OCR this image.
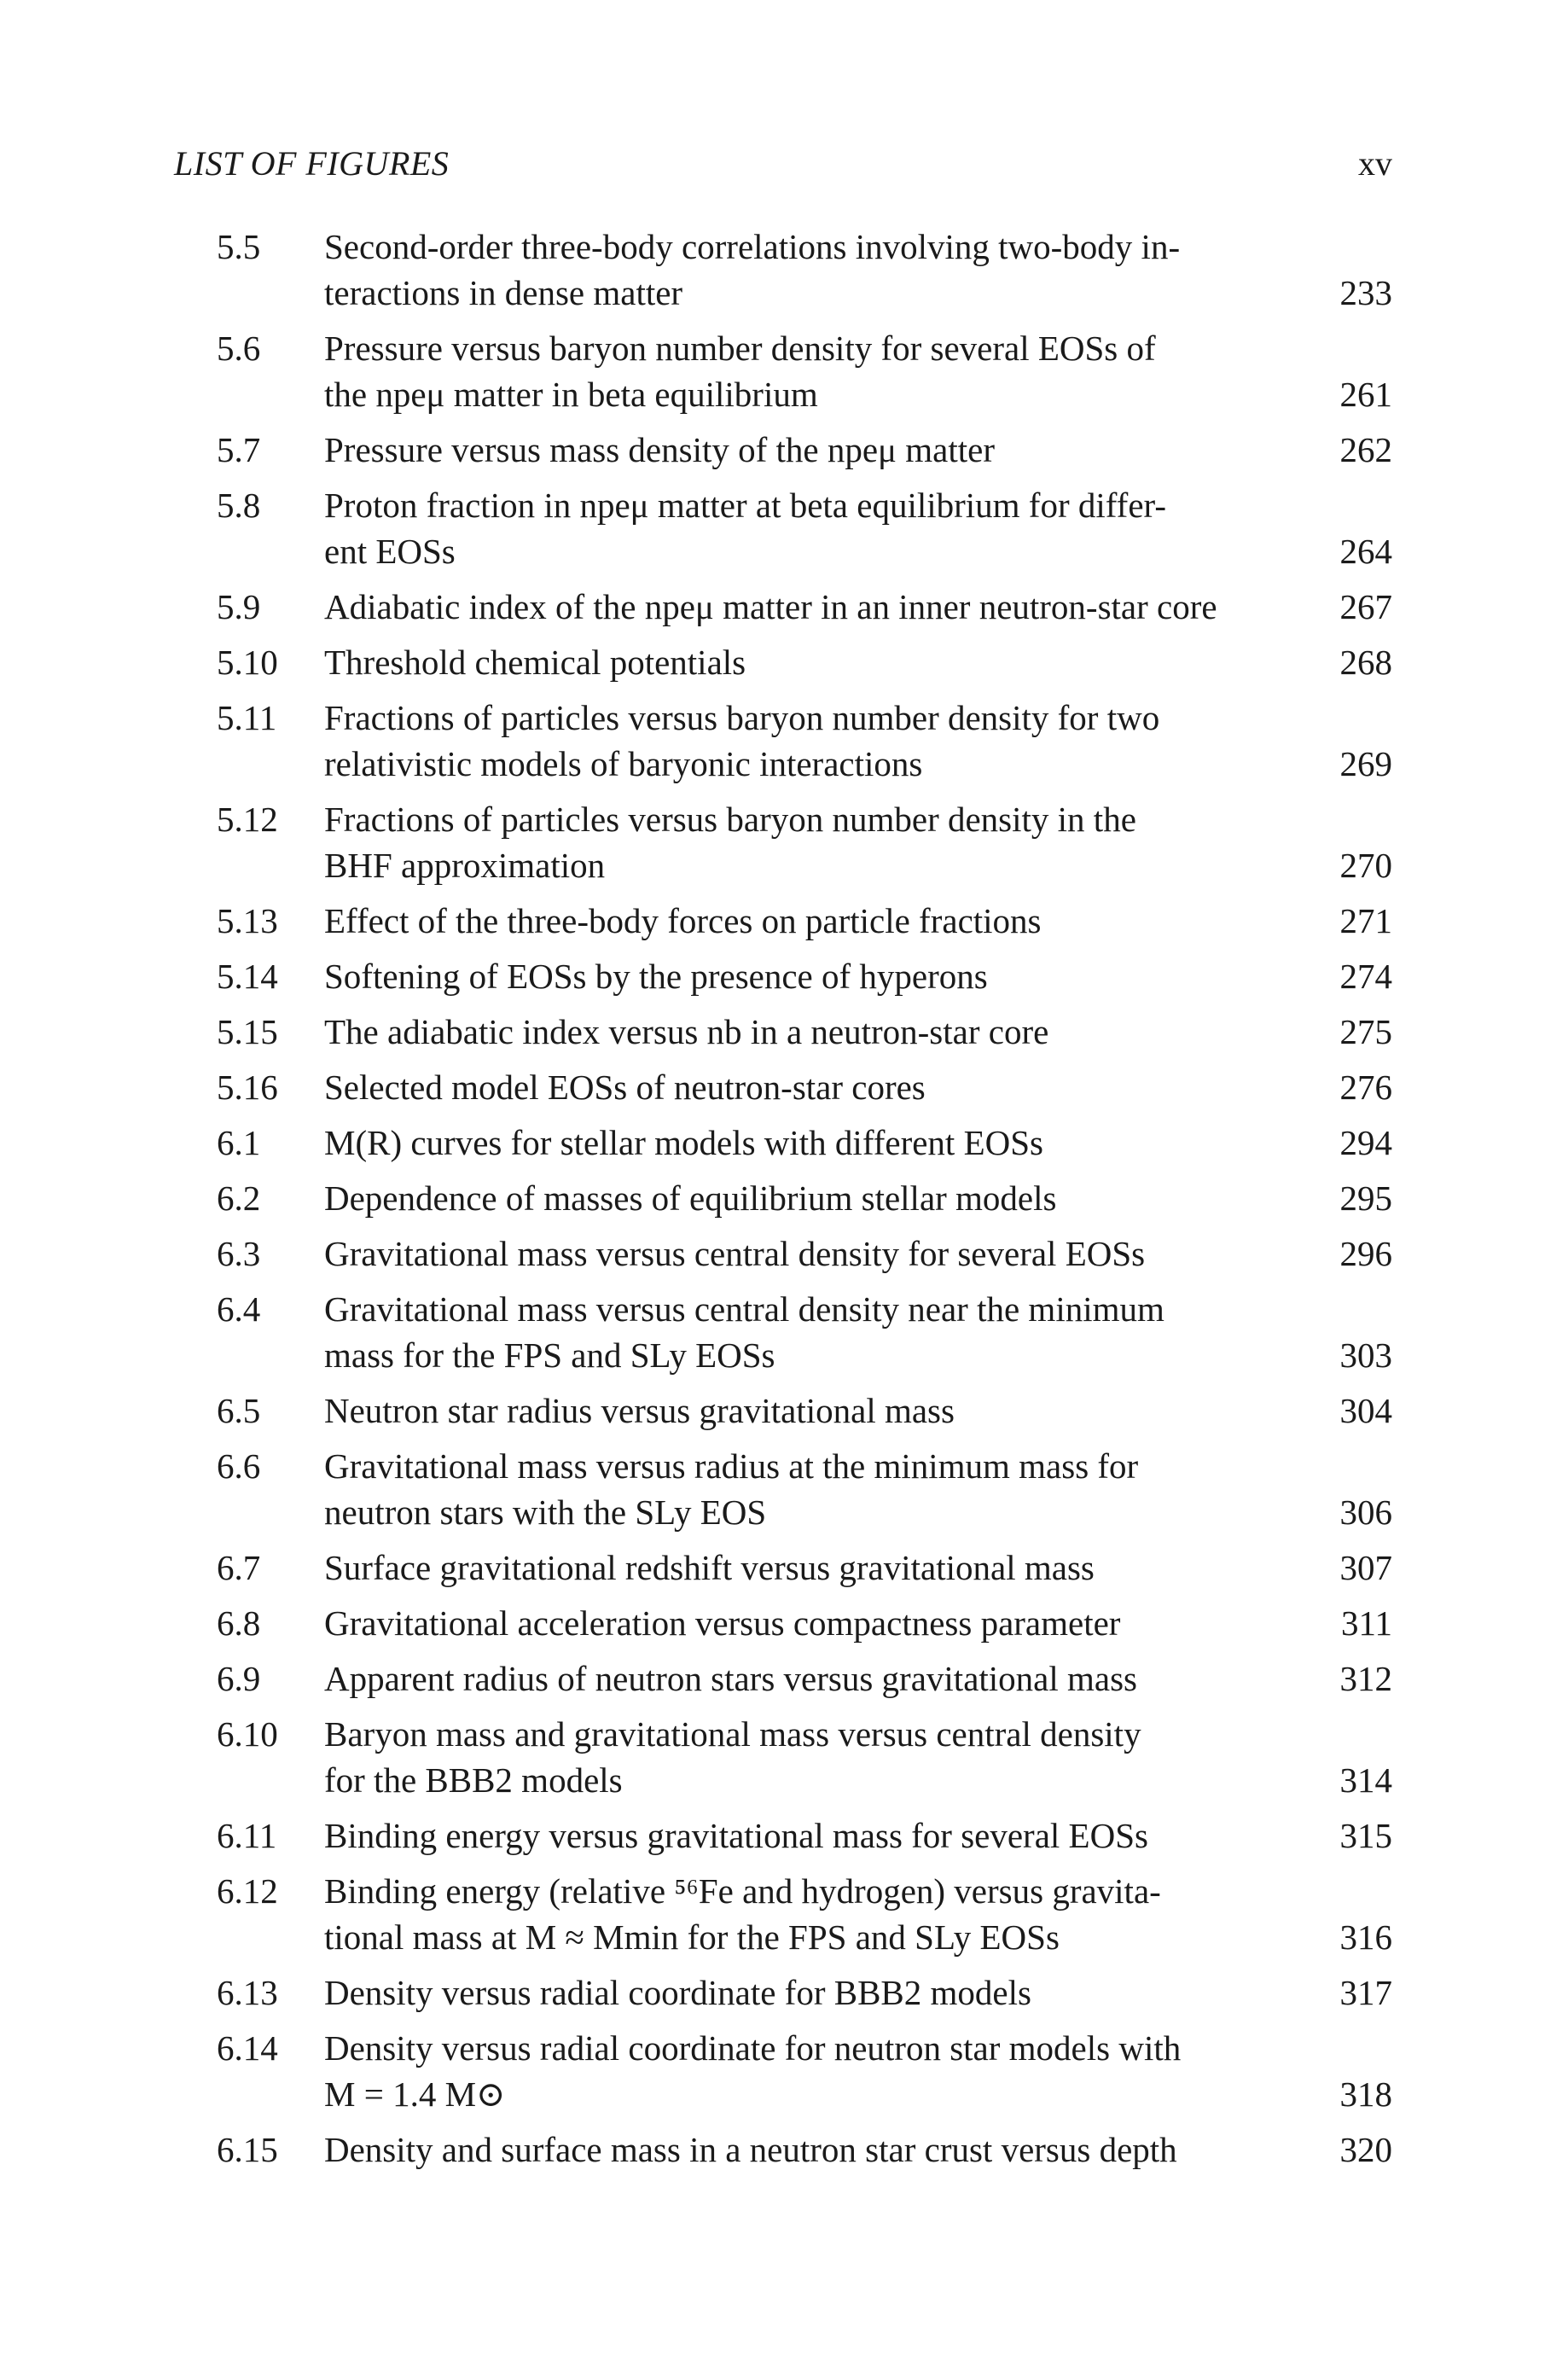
LIST OF FIGURES	xv
5.5	Second-order three-body correlations involving two-body in-
teractions in dense matter	233
5.6	Pressure versus baryon number density for several EOSs of
the npeμ matter in beta equilibrium	261
5.7	Pressure versus mass density of the npeμ matter	262
5.8	Proton fraction in npeμ matter at beta equilibrium for differ-
ent EOSs	264
5.9	Adiabatic index of the npeμ matter in an inner neutron-star core	267
5.10	Threshold chemical potentials	268
5.11	Fractions of particles versus baryon number density for two
relativistic models of baryonic interactions	269
5.12	Fractions of particles versus baryon number density in the
BHF approximation	270
5.13	Effect of the three-body forces on particle fractions	271
5.14	Softening of EOSs by the presence of hyperons	274
5.15	The adiabatic index versus nb in a neutron-star core	275
5.16	Selected model EOSs of neutron-star cores	276
6.1	M(R) curves for stellar models with different EOSs	294
6.2	Dependence of masses of equilibrium stellar models	295
6.3	Gravitational mass versus central density for several EOSs	296
6.4	Gravitational mass versus central density near the minimum
mass for the FPS and SLy EOSs	303
6.5	Neutron star radius versus gravitational mass	304
6.6	Gravitational mass versus radius at the minimum mass for
neutron stars with the SLy EOS	306
6.7	Surface gravitational redshift versus gravitational mass	307
6.8	Gravitational acceleration versus compactness parameter	311
6.9	Apparent radius of neutron stars versus gravitational mass	312
6.10	Baryon mass and gravitational mass versus central density
for the BBB2 models	314
6.11	Binding energy versus gravitational mass for several EOSs	315
6.12	Binding energy (relative ⁵⁶Fe and hydrogen) versus gravita-
tional mass at M ≈ Mmin for the FPS and SLy EOSs	316
6.13	Density versus radial coordinate for BBB2 models	317
6.14	Density versus radial coordinate for neutron star models with
M = 1.4 M⊙	318
6.15	Density and surface mass in a neutron star crust versus depth	320
